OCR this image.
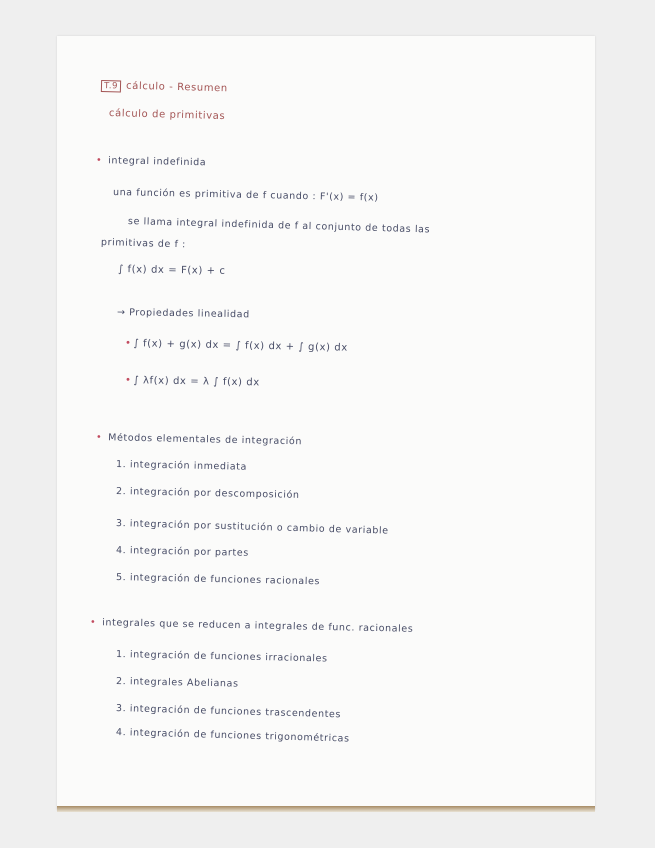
T.9 cálculo - Resumen
cálculo de primitivas
• integral indefinida
una función es primitiva de f cuando : F'(x) = f(x)
se llama integral indefinida de f al conjunto de todas las
primitivas de f :
∫ f(x) dx = F(x) + c
→ Propiedades linealidad
• ∫ f(x) + g(x) dx = ∫ f(x) dx + ∫ g(x) dx
• ∫ λf(x) dx = λ ∫ f(x) dx
• Métodos elementales de integración
1. integración inmediata
2. integración por descomposición
3. integración por sustitución o cambio de variable
4. integración por partes
5. integración de funciones racionales
• integrales que se reducen a integrales de func. racionales
1. integración de funciones irracionales
2. integrales Abelianas
3. integración de funciones trascendentes
4. integración de funciones trigonométricas
